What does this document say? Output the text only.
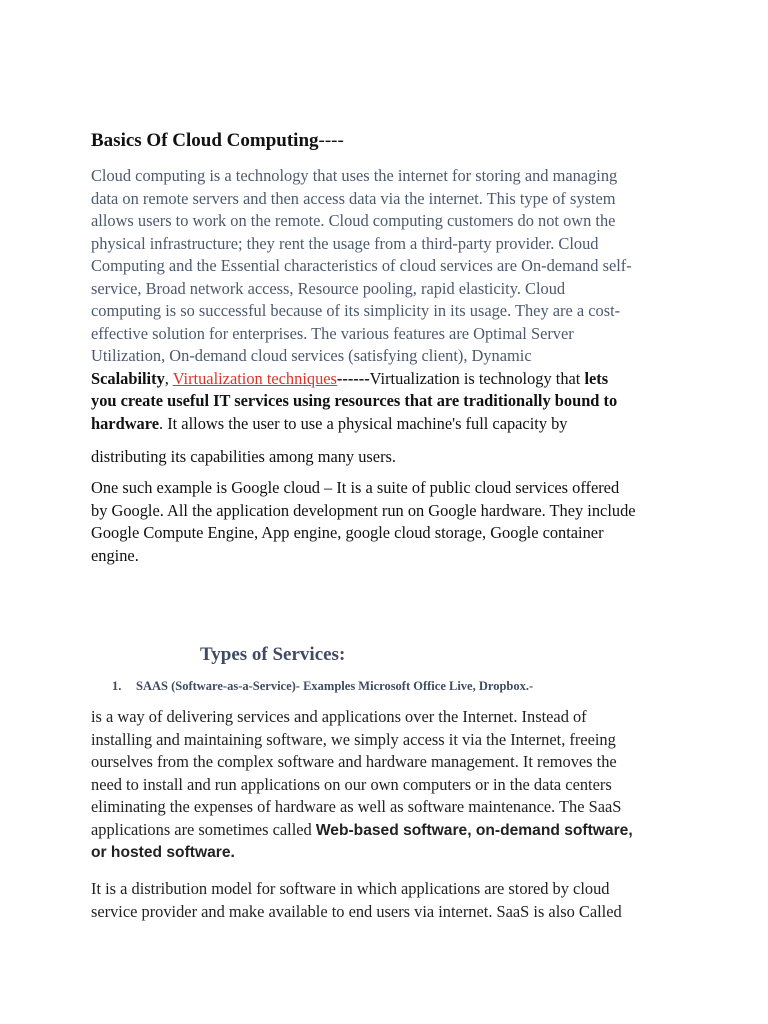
Basics Of Cloud Computing----

Cloud computing is a technology that uses the internet for storing and managing
data on remote servers and then access data via the internet. This type of system
allows users to work on the remote. Cloud computing customers do not own the
physical infrastructure; they rent the usage from a third-party provider. Cloud
Computing and the Essential characteristics of cloud services are On-demand self-
service, Broad network access, Resource pooling, rapid elasticity. Cloud
computing is so successful because of its simplicity in its usage. They are a cost-
effective solution for enterprises. The various features are Optimal Server
Utilization, On-demand cloud services (satisfying client), Dynamic
Scalability, Virtualization techniques------Virtualization is technology that lets
you create useful IT services using resources that are traditionally bound to
hardware. It allows the user to use a physical machine's full capacity by

distributing its capabilities among many users.

One such example is Google cloud – It is a suite of public cloud services offered
by Google. All the application development run on Google hardware. They include
Google Compute Engine, App engine, google cloud storage, Google container
engine.

Types of Services:
1. SAAS (Software-as-a-Service)- Examples Microsoft Office Live, Dropbox.-

is a way of delivering services and applications over the Internet. Instead of
installing and maintaining software, we simply access it via the Internet, freeing
ourselves from the complex software and hardware management. It removes the
need to install and run applications on our own computers or in the data centers
eliminating the expenses of hardware as well as software maintenance. The SaaS
applications are sometimes called Web-based software, on-demand software,
or hosted software.

It is a distribution model for software in which applications are stored by cloud
service provider and make available to end users via internet. SaaS is also Called
